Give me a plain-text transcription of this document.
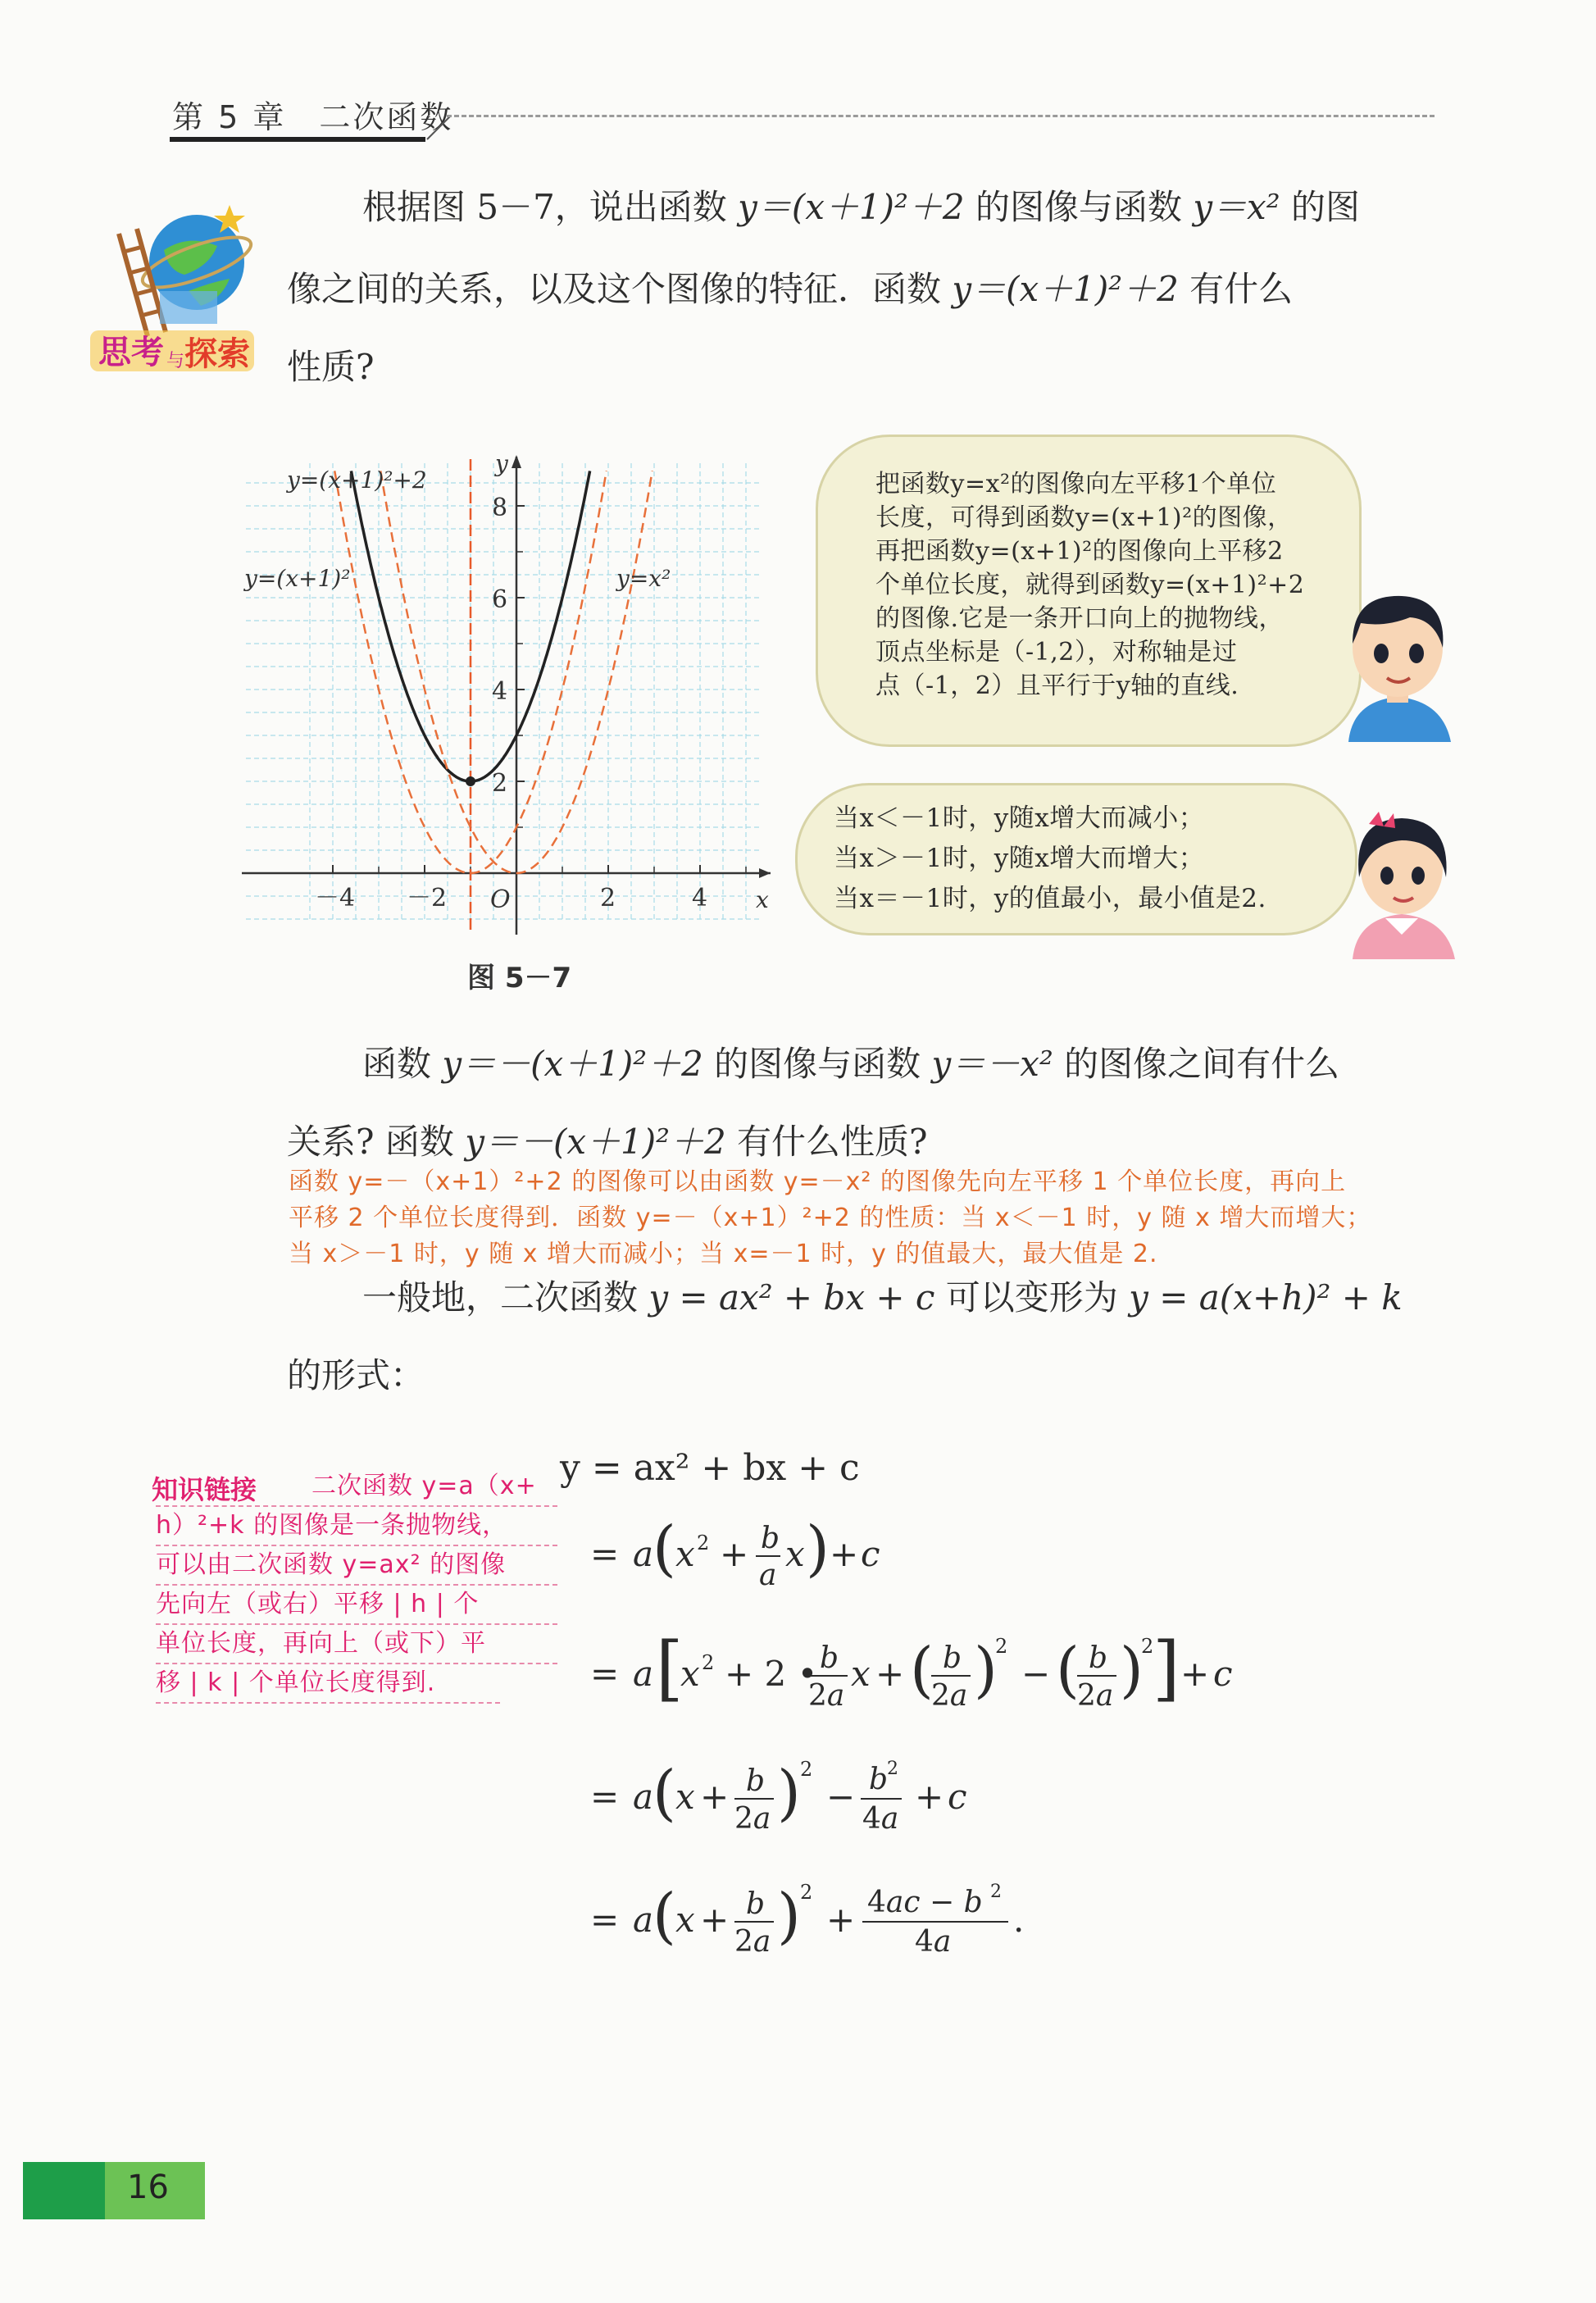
第 5 章 二次函数
思考 与 探索
根据图 5－7，说出函数 y＝(x＋1)²＋2 的图像与函数 y＝x² 的图
像之间的关系，以及这个图像的特征．函数 y＝(x＋1)²＋2 有什么
性质?
－4 －2	2	4
2
4
6
8
O	x
y
y=(x+1)²+2
y=(x+1)²	y=x²
图 5－7
把函数y=x²的图像向左平移1个单位
长度，可得到函数y=(x+1)²的图像，
再把函数y=(x+1)²的图像向上平移2
个单位长度，就得到函数y=(x+1)²+2
的图像.它是一条开口向上的抛物线，
顶点坐标是（-1,2），对称轴是过
点（-1，2）且平行于y轴的直线.
当x＜－1时，y随x增大而减小；
当x＞－1时，y随x增大而增大；
当x＝－1时，y的值最小，最小值是2.
函数 y＝－(x＋1)²＋2 的图像与函数 y＝－x² 的图像之间有什么
关系? 函数 y＝－(x＋1)²＋2 有什么性质?
函数 y=－（x+1）²+2 的图像可以由函数 y=－x² 的图像先向左平移 1 个单位长度，再向上
平移 2 个单位长度得到．函数 y=－（x+1）²+2 的性质：当 x＜－1 时，y 随 x 增大而增大；
当 x＞－1 时，y 随 x 增大而减小；当 x=－1 时，y 的值最大，最大值是 2.
一般地，二次函数 y = ax² + bx + c 可以变形为 y = a(x+h)² + k
的形式：
知识链接	二次函数 y=a（x+
h）²+k 的图像是一条抛物线，
可以由二次函数 y=ax² 的图像
先向左（或右）平移 | h | 个
单位长度，再向上（或下）平
移 | k | 个单位长度得到.
y = ax² + bx + c
= a
( x 2 + b
a
x ) + c
= a [
x 2 + 2 • b
2a
x + ( b
2a )
2
− ( b
2a )
2
] + c
= a
( x + b
2a ) 2
− b
2
4a
+ c
= a
( x + b
2a ) 2
+ 4ac − b 2
4a
.
16
